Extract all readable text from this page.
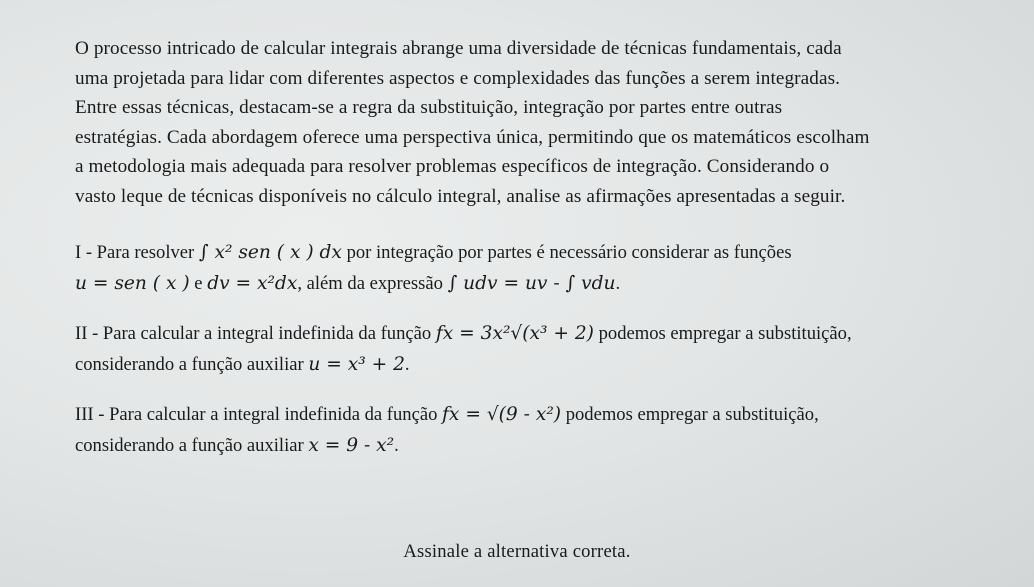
O processo intricado de calcular integrais abrange uma diversidade de técnicas fundamentais, cada
uma projetada para lidar com diferentes aspectos e complexidades das funções a serem integradas.
Entre essas técnicas, destacam-se a regra da substituição, integração por partes entre outras
estratégias. Cada abordagem oferece uma perspectiva única, permitindo que os matemáticos escolham
a metodologia mais adequada para resolver problemas específicos de integração. Considerando o
vasto leque de técnicas disponíveis no cálculo integral, analise as afirmações apresentadas a seguir.

I - Para resolver ∫ x² sen ( x ) dx por integração por partes é necessário considerar as funções
u = sen ( x ) e dv = x²dx, além da expressão ∫ udv = uv - ∫ vdu.
II - Para calcular a integral indefinida da função fx = 3x²√(x³ + 2) podemos empregar a substituição,
considerando a função auxiliar u = x³ + 2.
III - Para calcular a integral indefinida da função fx = √(9 - x²) podemos empregar a substituição,
considerando a função auxiliar x = 9 - x².
Assinale a alternativa correta.
